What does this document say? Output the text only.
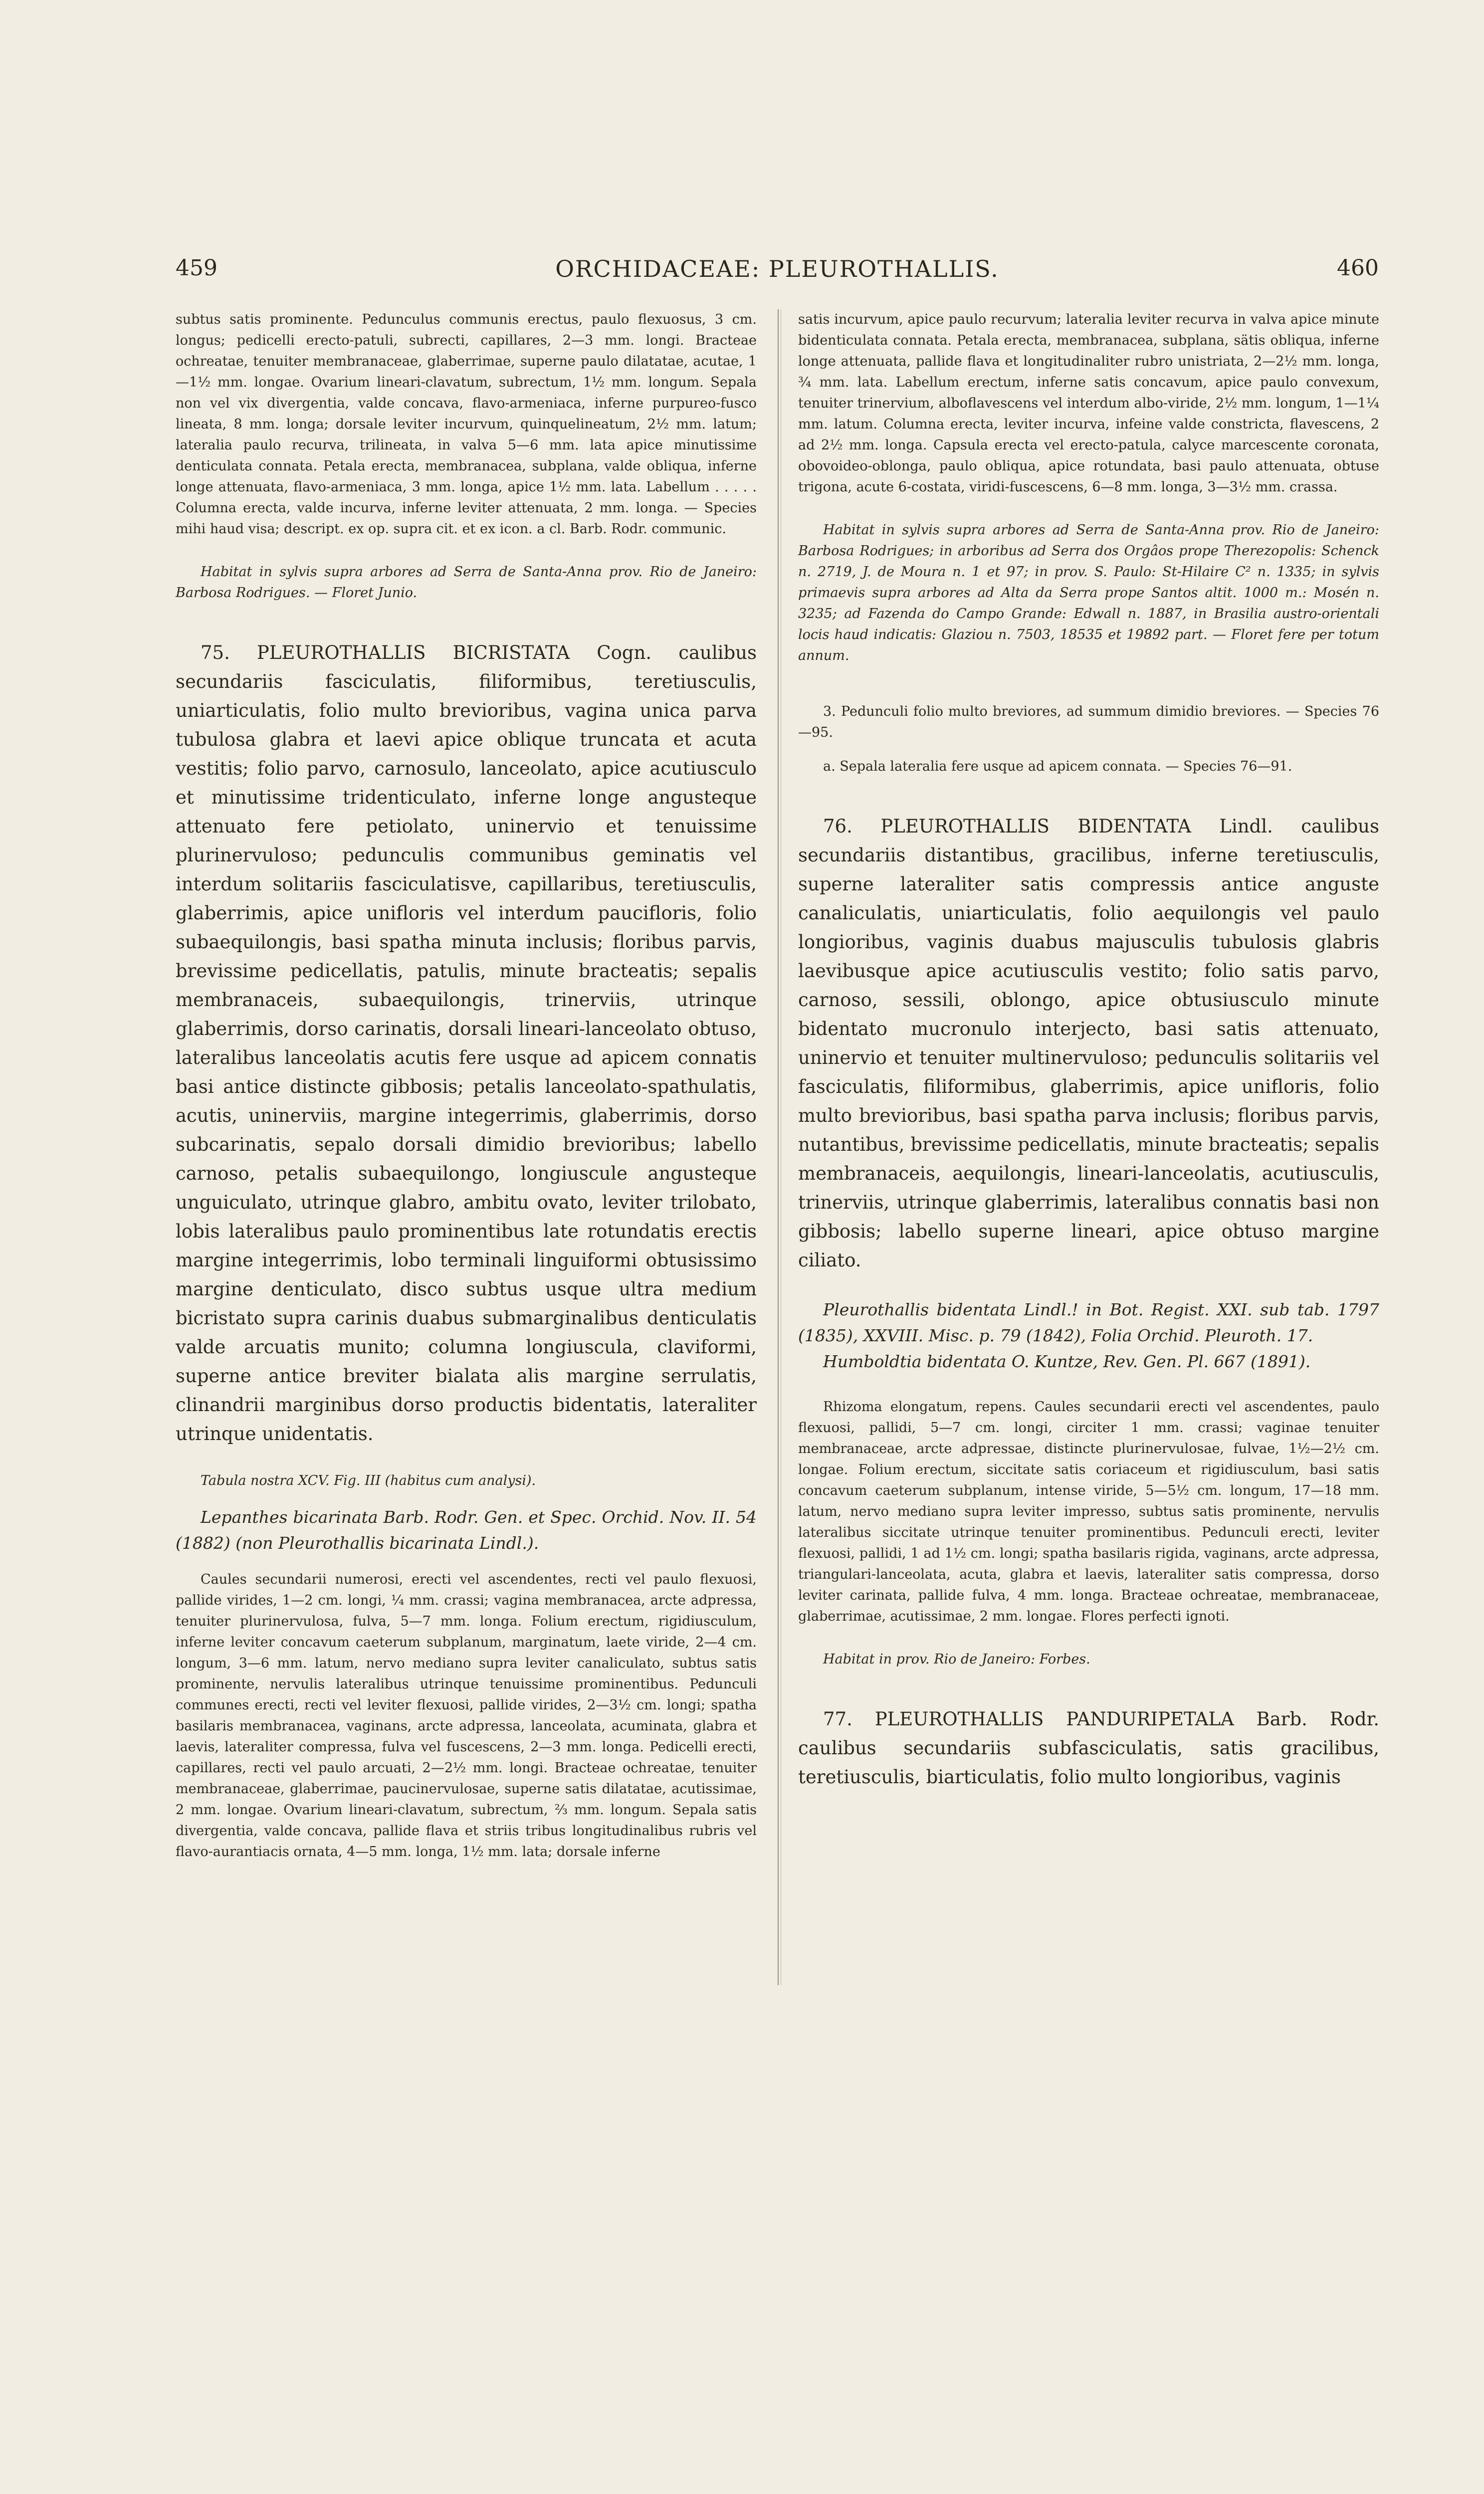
459	ORCHIDACEAE: PLEUROTHALLIS.	460

subtus satis prominente. Pedunculus communis erectus, paulo flexuosus, 3 cm. longus; pedicelli erecto-patuli, subrecti, capillares, 2—3 mm. longi. Bracteae ochreatae, tenuiter membranaceae, glaberrimae, superne paulo dilatatae, acutae, 1—1½ mm. longae. Ovarium lineari-clavatum, subrectum, 1½ mm. longum. Sepala non vel vix divergentia, valde concava, flavo-armeniaca, inferne purpureo-fusco lineata, 8 mm. longa; dorsale leviter incurvum, quinquelineatum, 2½ mm. latum; lateralia paulo recurva, trilineata, in valva 5—6 mm. lata apice minutissime denticulata connata. Petala erecta, membranacea, subplana, valde obliqua, inferne longe attenuata, flavo-armeniaca, 3 mm. longa, apice 1½ mm. lata. Labellum . . . . . Columna erecta, valde incurva, inferne leviter attenuata, 2 mm. longa. — Species mihi haud visa; descript. ex op. supra cit. et ex icon. a cl. Barb. Rodr. communic.

Habitat in sylvis supra arbores ad Serra de Santa-Anna prov. Rio de Janeiro: Barbosa Rodrigues. — Floret Junio.

75. PLEUROTHALLIS BICRISTATA Cogn. caulibus secundariis fasciculatis, filiformibus, teretiusculis, uniarticulatis, folio multo brevioribus, vagina unica parva tubulosa glabra et laevi apice oblique truncata et acuta vestitis; folio parvo, carnosulo, lanceolato, apice acutiusculo et minutissime tridenticulato, inferne longe angusteque attenuato fere petiolato, uninervio et tenuissime plurinervuloso; pedunculis communibus geminatis vel interdum solitariis fasciculatisve, capillaribus, teretiusculis, glaberrimis, apice unifloris vel interdum paucifloris, folio subaequilongis, basi spatha minuta inclusis; floribus parvis, brevissime pedicellatis, patulis, minute bracteatis; sepalis membranaceis, subaequilongis, trinerviis, utrinque glaberrimis, dorso carinatis, dorsali lineari-lanceolato obtuso, lateralibus lanceolatis acutis fere usque ad apicem connatis basi antice distincte gibbosis; petalis lanceolato-spathulatis, acutis, uninerviis, margine integerrimis, glaberrimis, dorso subcarinatis, sepalo dorsali dimidio brevioribus; labello carnoso, petalis subaequilongo, longiuscule angusteque unguiculato, utrinque glabro, ambitu ovato, leviter trilobato, lobis lateralibus paulo prominentibus late rotundatis erectis margine integerrimis, lobo terminali linguiformi obtusissimo margine denticulato, disco subtus usque ultra medium bicristato supra carinis duabus submarginalibus denticulatis valde arcuatis munito; columna longiuscula, claviformi, superne antice breviter bialata alis margine serrulatis, clinandrii marginibus dorso productis bidentatis, lateraliter utrinque unidentatis.

Tabula nostra XCV. Fig. III (habitus cum analysi).

Lepanthes bicarinata Barb. Rodr. Gen. et Spec. Orchid. Nov. II. 54 (1882) (non Pleurothallis bicarinata Lindl.).

Caules secundarii numerosi, erecti vel ascendentes, recti vel paulo flexuosi, pallide virides, 1—2 cm. longi, ¼ mm. crassi; vagina membranacea, arcte adpressa, tenuiter plurinervulosa, fulva, 5—7 mm. longa. Folium erectum, rigidiusculum, inferne leviter concavum caeterum subplanum, marginatum, laete viride, 2—4 cm. longum, 3—6 mm. latum, nervo mediano supra leviter canaliculato, subtus satis prominente, nervulis lateralibus utrinque tenuissime prominentibus. Pedunculi communes erecti, recti vel leviter flexuosi, pallide virides, 2—3½ cm. longi; spatha basilaris membranacea, vaginans, arcte adpressa, lanceolata, acuminata, glabra et laevis, lateraliter compressa, fulva vel fuscescens, 2—3 mm. longa. Pedicelli erecti, capillares, recti vel paulo arcuati, 2—2½ mm. longi. Bracteae ochreatae, tenuiter membranaceae, glaberrimae, paucinervulosae, superne satis dilatatae, acutissimae, 2 mm. longae. Ovarium lineari-clavatum, subrectum, ⅔ mm. longum. Sepala satis divergentia, valde concava, pallide flava et striis tribus longitudinalibus rubris vel flavo-aurantiacis ornata, 4—5 mm. longa, 1½ mm. lata; dorsale inferne

satis incurvum, apice paulo recurvum; lateralia leviter recurva in valva apice minute bidenticulata connata. Petala erecta, membranacea, subplana, sätis obliqua, inferne longe attenuata, pallide flava et longitudinaliter rubro unistriata, 2—2½ mm. longa, ¾ mm. lata. Labellum erectum, inferne satis concavum, apice paulo convexum, tenuiter trinervium, alboflavescens vel interdum albo-viride, 2½ mm. longum, 1—1¼ mm. latum. Columna erecta, leviter incurva, infeine valde constricta, flavescens, 2 ad 2½ mm. longa. Capsula erecta vel erecto-patula, calyce marcescente coronata, obovoideo-oblonga, paulo obliqua, apice rotundata, basi paulo attenuata, obtuse trigona, acute 6-costata, viridi-fuscescens, 6—8 mm. longa, 3—3½ mm. crassa.

Habitat in sylvis supra arbores ad Serra de Santa-Anna prov. Rio de Janeiro: Barbosa Rodrigues; in arboribus ad Serra dos Orgâos prope Therezopolis: Schenck n. 2719, J. de Moura n. 1 et 97; in prov. S. Paulo: St-Hilaire C² n. 1335; in sylvis primaevis supra arbores ad Alta da Serra prope Santos altit. 1000 m.: Mosén n. 3235; ad Fazenda do Campo Grande: Edwall n. 1887, in Brasilia austro-orientali locis haud indicatis: Glaziou n. 7503, 18535 et 19892 part. — Floret fere per totum annum.

3. Pedunculi folio multo breviores, ad summum dimidio breviores. — Species 76—95.

a. Sepala lateralia fere usque ad apicem connata. — Species 76—91.

76. PLEUROTHALLIS BIDENTATA Lindl. caulibus secundariis distantibus, gracilibus, inferne teretiusculis, superne lateraliter satis compressis antice anguste canaliculatis, uniarticulatis, folio aequilongis vel paulo longioribus, vaginis duabus majusculis tubulosis glabris laevibusque apice acutiusculis vestito; folio satis parvo, carnoso, sessili, oblongo, apice obtusiusculo minute bidentato mucronulo interjecto, basi satis attenuato, uninervio et tenuiter multinervuloso; pedunculis solitariis vel fasciculatis, filiformibus, glaberrimis, apice unifloris, folio multo brevioribus, basi spatha parva inclusis; floribus parvis, nutantibus, brevissime pedicellatis, minute bracteatis; sepalis membranaceis, aequilongis, lineari-lanceolatis, acutiusculis, trinerviis, utrinque glaberrimis, lateralibus connatis basi non gibbosis; labello superne lineari, apice obtuso margine ciliato.

Pleurothallis bidentata Lindl.! in Bot. Regist. XXI. sub tab. 1797 (1835), XXVIII. Misc. p. 79 (1842), Folia Orchid. Pleuroth. 17.

Humboldtia bidentata O. Kuntze, Rev. Gen. Pl. 667 (1891).

Rhizoma elongatum, repens. Caules secundarii erecti vel ascendentes, paulo flexuosi, pallidi, 5—7 cm. longi, circiter 1 mm. crassi; vaginae tenuiter membranaceae, arcte adpressae, distincte plurinervulosae, fulvae, 1½—2½ cm. longae. Folium erectum, siccitate satis coriaceum et rigidiusculum, basi satis concavum caeterum subplanum, intense viride, 5—5½ cm. longum, 17—18 mm. latum, nervo mediano supra leviter impresso, subtus satis prominente, nervulis lateralibus siccitate utrinque tenuiter prominentibus. Pedunculi erecti, leviter flexuosi, pallidi, 1 ad 1½ cm. longi; spatha basilaris rigida, vaginans, arcte adpressa, triangulari-lanceolata, acuta, glabra et laevis, lateraliter satis compressa, dorso leviter carinata, pallide fulva, 4 mm. longa. Bracteae ochreatae, membranaceae, glaberrimae, acutissimae, 2 mm. longae. Flores perfecti ignoti.

Habitat in prov. Rio de Janeiro: Forbes.

77. PLEUROTHALLIS PANDURIPETALA Barb. Rodr. caulibus secundariis subfasciculatis, satis gracilibus, teretiusculis, biarticulatis, folio multo longioribus, vaginis
